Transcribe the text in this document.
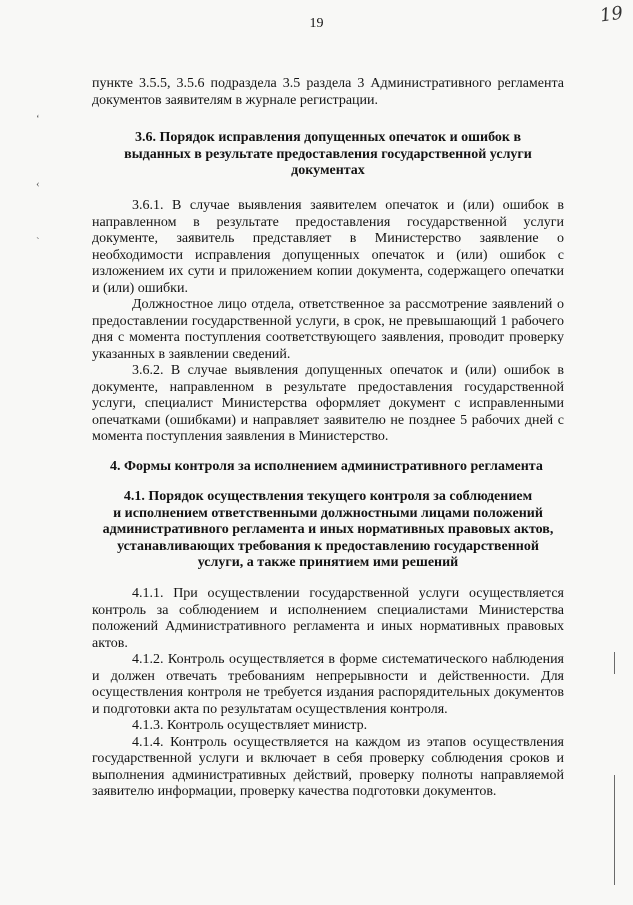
19
19

пункте 3.5.5, 3.5.6 подраздела 3.5 раздела 3 Административного регламента документов заявителям в журнале регистрации.

‘
‹
`
3.6. Порядок исправления допущенных опечаток и ошибок в
выданных в результате предоставления государственной услуги
документах

3.6.1. В случае выявления заявителем опечаток и (или) ошибок в направленном в результате предоставления государственной услуги документе, заявитель представляет в Министерство заявление о необходимости исправления допущенных опечаток и (или) ошибок с изложением их сути и приложением копии документа, содержащего опечатки и (или) ошибки.

Должностное лицо отдела, ответственное за рассмотрение заявлений о предоставлении государственной услуги, в срок, не превышающий 1 рабочего дня с момента поступления соответствующего заявления, проводит проверку указанных в заявлении сведений.

3.6.2. В случае выявления допущенных опечаток и (или) ошибок в документе, направленном в результате предоставления государственной услуги, специалист Министерства оформляет документ с исправленными опечатками (ошибками) и направляет заявителю не позднее 5 рабочих дней с момента поступления заявления в Министерство.

4. Формы контроля за исполнением административного регламента
4.1. Порядок осуществления текущего контроля за соблюдением
и исполнением ответственными должностными лицами положений
административного регламента и иных нормативных правовых актов,
устанавливающих требования к предоставлению государственной
услуги, а также принятием ими решений

4.1.1. При осуществлении государственной услуги осуществляется контроль за соблюдением и исполнением специалистами Министерства положений Административного регламента и иных нормативных правовых актов.

4.1.2. Контроль осуществляется в форме систематического наблюдения и должен отвечать требованиям непрерывности и действенности. Для осуществления контроля не требуется издания распорядительных документов и подготовки акта по результатам осуществления контроля.

4.1.3. Контроль осуществляет министр.

4.1.4. Контроль осуществляется на каждом из этапов осуществления государственной услуги и включает в себя проверку соблюдения сроков и выполнения административных действий, проверку полноты направляемой заявителю информации, проверку качества подготовки документов.
